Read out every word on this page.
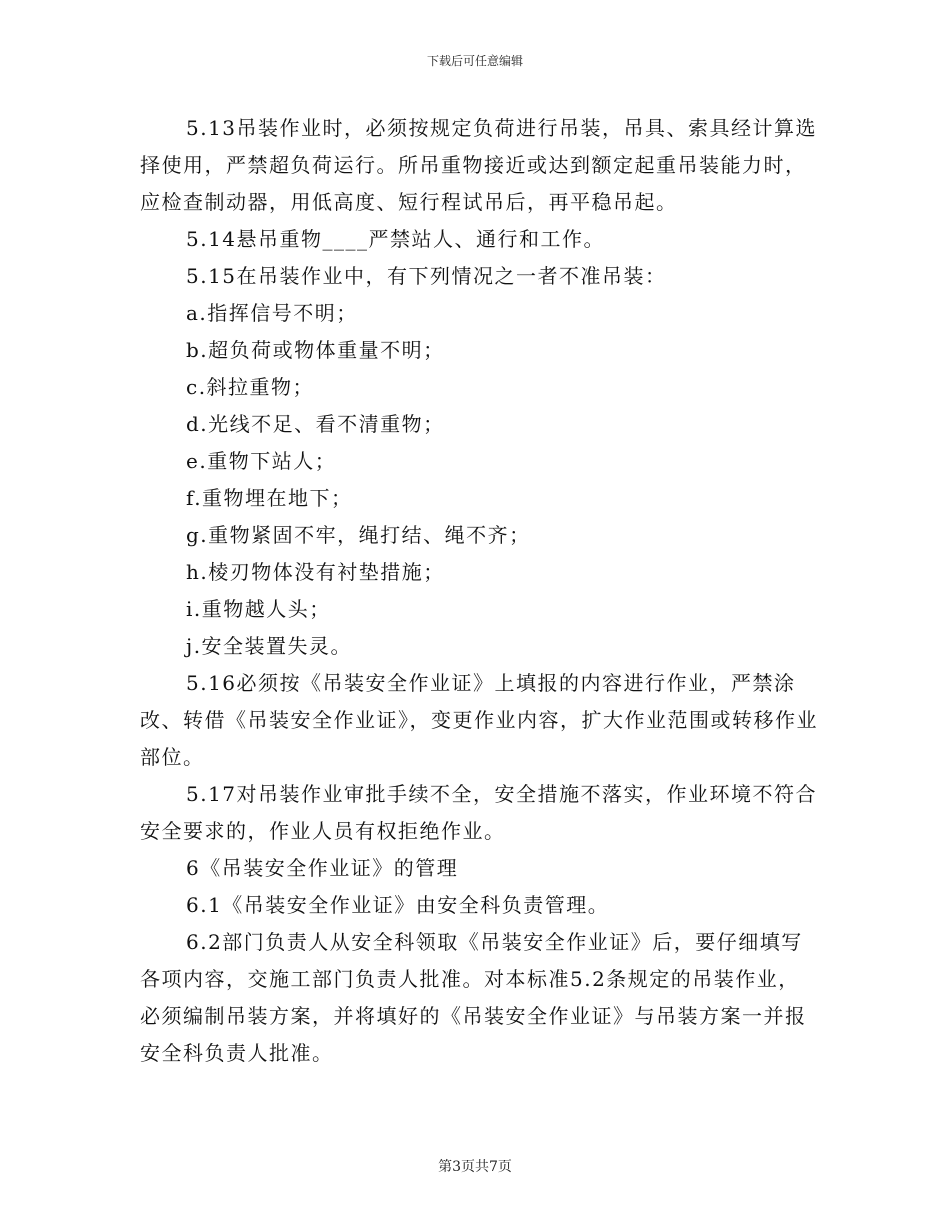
下载后可任意编辑

5.13吊装作业时，必须按规定负荷进行吊装，吊具、索具经计算选择使用，严禁超负荷运行。所吊重物接近或达到额定起重吊装能力时，应检查制动器，用低高度、短行程试吊后，再平稳吊起。

5.14悬吊重物____严禁站人、通行和工作。

5.15在吊装作业中，有下列情况之一者不准吊装：

a.指挥信号不明；

b.超负荷或物体重量不明；

c.斜拉重物；

d.光线不足、看不清重物；

e.重物下站人；

f.重物埋在地下；

g.重物紧固不牢，绳打结、绳不齐；

h.棱刃物体没有衬垫措施；

i.重物越人头；

j.安全装置失灵。

5.16必须按《吊装安全作业证》上填报的内容进行作业，严禁涂改、转借《吊装安全作业证》，变更作业内容，扩大作业范围或转移作业部位。

5.17对吊装作业审批手续不全，安全措施不落实，作业环境不符合安全要求的，作业人员有权拒绝作业。

6《吊装安全作业证》的管理

6.1《吊装安全作业证》由安全科负责管理。

6.2部门负责人从安全科领取《吊装安全作业证》后，要仔细填写各项内容，交施工部门负责人批准。对本标准5.2条规定的吊装作业，必须编制吊装方案，并将填好的《吊装安全作业证》与吊装方案一并报安全科负责人批准。

第3页共7页
